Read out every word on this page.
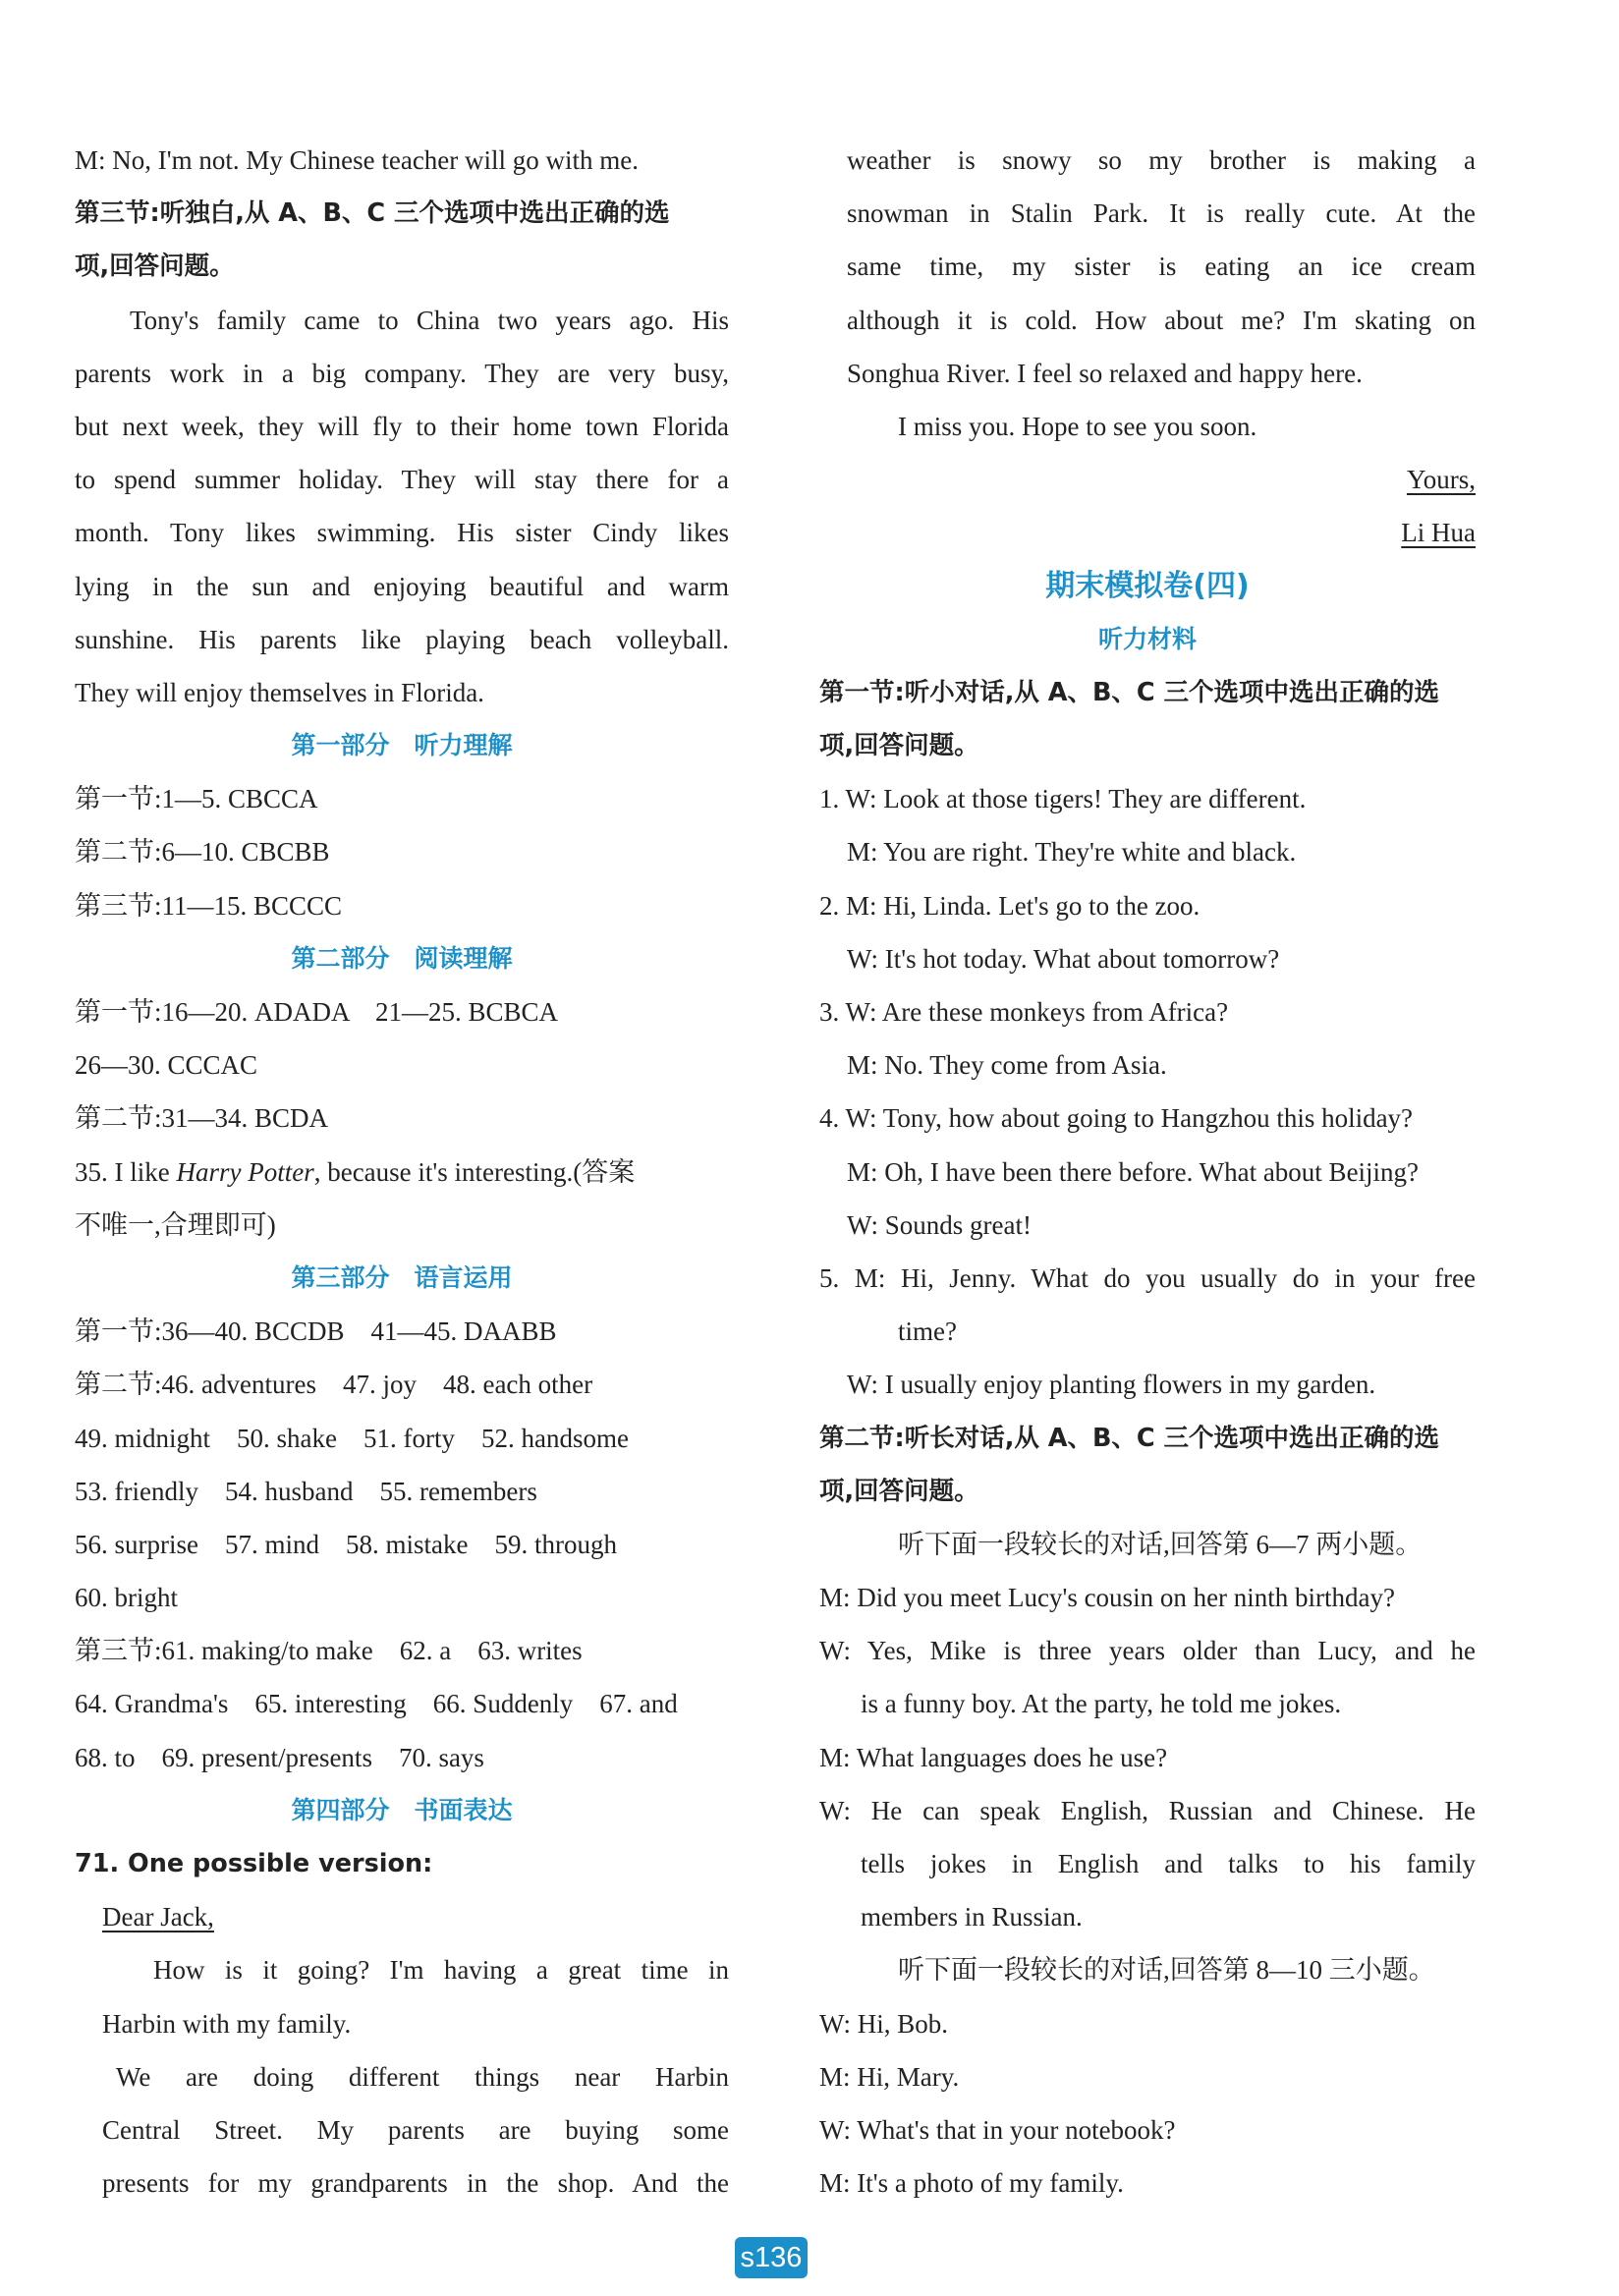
M: No, I'm not. My Chinese teacher will go with me.
第三节:听独白,从 A、B、C 三个选项中选出正确的选
项,回答问题。
Tony's family came to China two years ago. His
parents work in a big company. They are very busy,
but next week, they will fly to their home town Florida
to spend summer holiday. They will stay there for a
month. Tony likes swimming. His sister Cindy likes
lying in the sun and enjoying beautiful and warm
sunshine. His parents like playing beach volleyball.
They will enjoy themselves in Florida.
第一部分　听力理解
第一节:1—5. CBCCA
第二节:6—10. CBCBB
第三节:11—15. BCCCC
第二部分　阅读理解
第一节:16—20. ADADA　21—25. BCBCA
26—30. CCCAC
第二节:31—34. BCDA
35. I like Harry Potter, because it's interesting.(答案
不唯一,合理即可)
第三部分　语言运用
第一节:36—40. BCCDB　41—45. DAABB
第二节:46. adventures　47. joy　48. each other
49. midnight　50. shake　51. forty　52. handsome
53. friendly　54. husband　55. remembers
56. surprise　57. mind　58. mistake　59. through
60. bright
第三节:61. making/to make　62. a　63. writes
64. Grandma's　65. interesting　66. Suddenly　67. and
68. to　69. present/presents　70. says
第四部分　书面表达
71. One possible version:
Dear Jack,
How is it going? I'm having a great time in
Harbin with my family.
We are doing different things near Harbin
Central Street. My parents are buying some
presents for my grandparents in the shop. And the
weather is snowy so my brother is making a
snowman in Stalin Park. It is really cute. At the
same time, my sister is eating an ice cream
although it is cold. How about me? I'm skating on
Songhua River. I feel so relaxed and happy here.
I miss you. Hope to see you soon.
Yours,
Li Hua
期末模拟卷(四)
听力材料
第一节:听小对话,从 A、B、C 三个选项中选出正确的选
项,回答问题。
1. W: Look at those tigers! They are different.
M: You are right. They're white and black.
2. M: Hi, Linda. Let's go to the zoo.
W: It's hot today. What about tomorrow?
3. W: Are these monkeys from Africa?
M: No. They come from Asia.
4. W: Tony, how about going to Hangzhou this holiday?
M: Oh, I have been there before. What about Beijing?
W: Sounds great!
5. M: Hi, Jenny. What do you usually do in your free
time?
W: I usually enjoy planting flowers in my garden.
第二节:听长对话,从 A、B、C 三个选项中选出正确的选
项,回答问题。
听下面一段较长的对话,回答第 6—7 两小题。
M: Did you meet Lucy's cousin on her ninth birthday?
W: Yes, Mike is three years older than Lucy, and he
is a funny boy. At the party, he told me jokes.
M: What languages does he use?
W: He can speak English, Russian and Chinese. He
tells jokes in English and talks to his family
members in Russian.
听下面一段较长的对话,回答第 8—10 三小题。
W: Hi, Bob.
M: Hi, Mary.
W: What's that in your notebook?
M: It's a photo of my family.
s136
